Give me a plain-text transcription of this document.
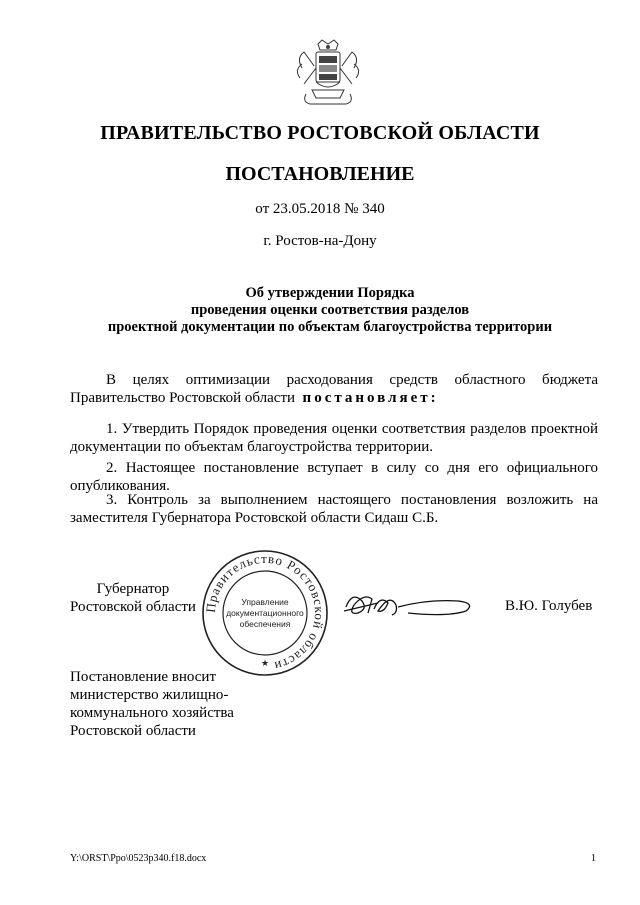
ПРАВИТЕЛЬСТВО РОСТОВСКОЙ ОБЛАСТИ
ПОСТАНОВЛЕНИЕ
от 23.05.2018 № 340
г. Ростов-на-Дону
Об утверждении Порядка
проведения оценки соответствия разделов
проектной документации по объектам благоустройства территории
В целях оптимизации расходования средств областного бюджета Правительство Ростовской области постановляет:
1. Утвердить Порядок проведения оценки соответствия разделов проектной документации по объектам благоустройства территории.
2. Настоящее постановление вступает в силу со дня его официального опубликования.
3. Контроль за выполнением настоящего постановления возложить на заместителя Губернатора Ростовской области Сидаш С.Б.
Губернатор
Ростовской области Правительство Ростовской области
Управление
документационного
обеспечения
★
В.Ю. Голубев
Постановление вносит
министерство жилищно-
коммунального хозяйства
Ростовской области
Y:\ORST\Ppo\0523p340.f18.docx	1
